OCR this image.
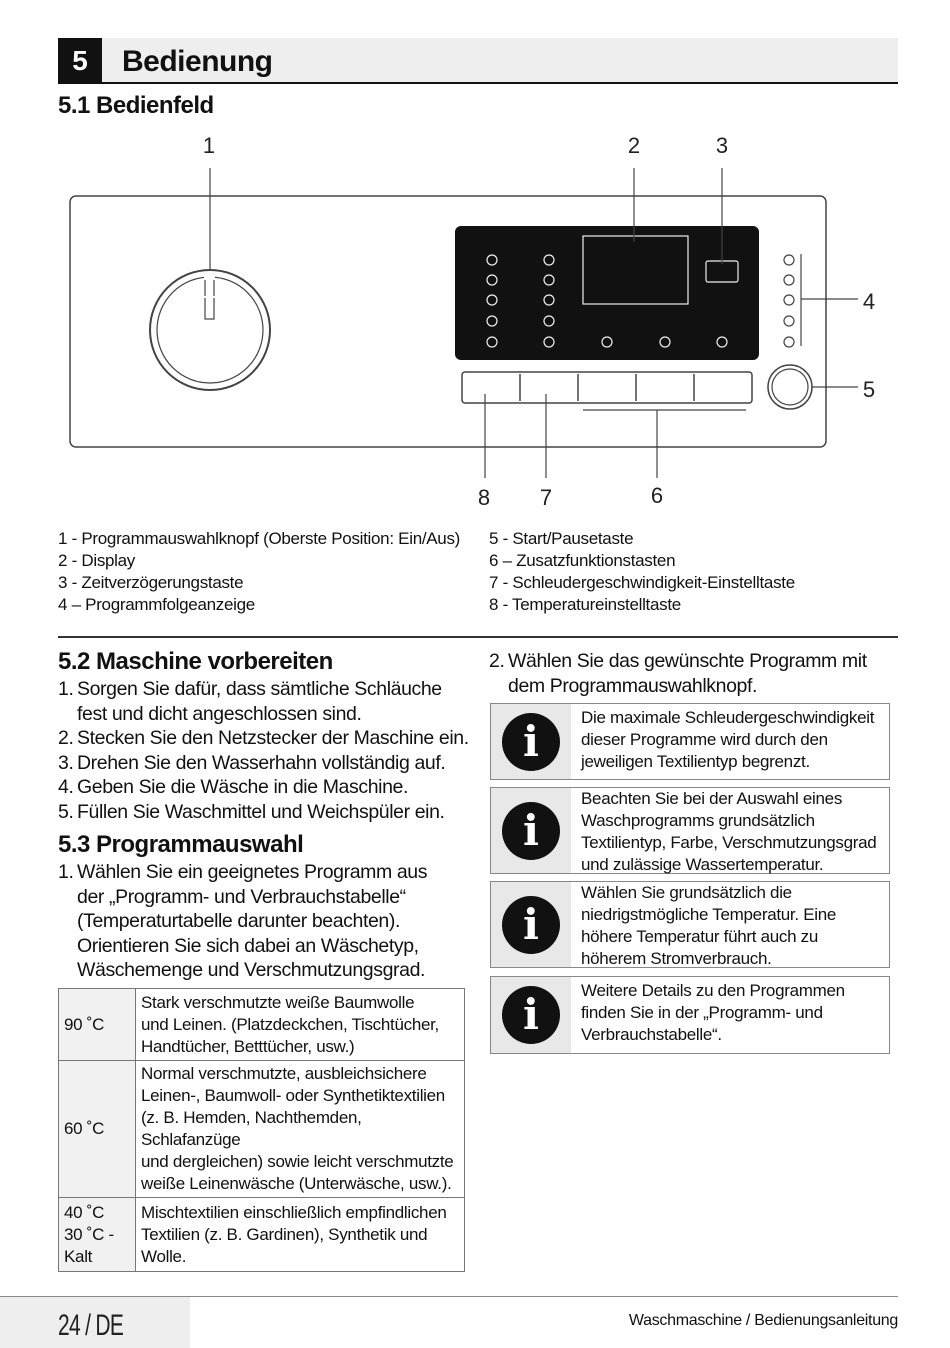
5	Bedienung
5.1 Bedienfeld
1	2	3
4
5
6
7
8
1 - Programmauswahlknopf (Oberste Position: Ein/Aus)
2 - Display
3 - Zeitverzögerungstaste
4 – Programmfolgeanzeige
5 - Start/Pausetaste
6 – Zusatzfunktionstasten
7 - Schleudergeschwindigkeit-Einstelltaste
8 - Temperatureinstelltaste
5.2 Maschine vorbereiten
1. Sorgen Sie dafür, dass sämtliche Schläuche fest und dicht angeschlossen sind.
2. Stecken Sie den Netzstecker der Maschine ein.
3. Drehen Sie den Wasserhahn vollständig auf.
4. Geben Sie die Wäsche in die Maschine.
5. Füllen Sie Waschmittel und Weichspüler ein.
5.3 Programmauswahl
1. Wählen Sie ein geeignetes Programm aus der „Programm- und Verbrauchstabelle“ (Temperaturtabelle darunter beachten). Orientieren Sie sich dabei an Wäschetyp, Wäschemenge und Verschmutzungsgrad.
90 ˚C	Stark verschmutzte weiße Baumwolle
und Leinen. (Platzdeckchen, Tischtücher,
Handtücher, Betttücher, usw.)
60 ˚C	Normal verschmutzte, ausbleichsichere
Leinen-, Baumwoll- oder Synthetiktextilien
(z. B. Hemden, Nachthemden, Schlafanzüge
und dergleichen) sowie leicht verschmutzte
weiße Leinenwäsche (Unterwäsche, usw.).
40 ˚C
30 ˚C -
Kalt	Mischtextilien einschließlich empfindlichen
Textilien (z. B. Gardinen), Synthetik und
Wolle.
2. Wählen Sie das gewünschte Programm mit dem Programmauswahlknopf.
i	Die maximale Schleudergeschwindigkeit
dieser Programme wird durch den
jeweiligen Textilientyp begrenzt.
i
Beachten Sie bei der Auswahl eines
Waschprogramms grundsätzlich
Textilientyp, Farbe, Verschmutzungsgrad
und zulässige Wassertemperatur.
i
Wählen Sie grundsätzlich die
niedrigstmögliche Temperatur. Eine
höhere Temperatur führt auch zu
höherem Stromverbrauch.
i	Weitere Details zu den Programmen
finden Sie in der „Programm- und
Verbrauchstabelle“.
24 / DE	Waschmaschine / Bedienungsanleitung
